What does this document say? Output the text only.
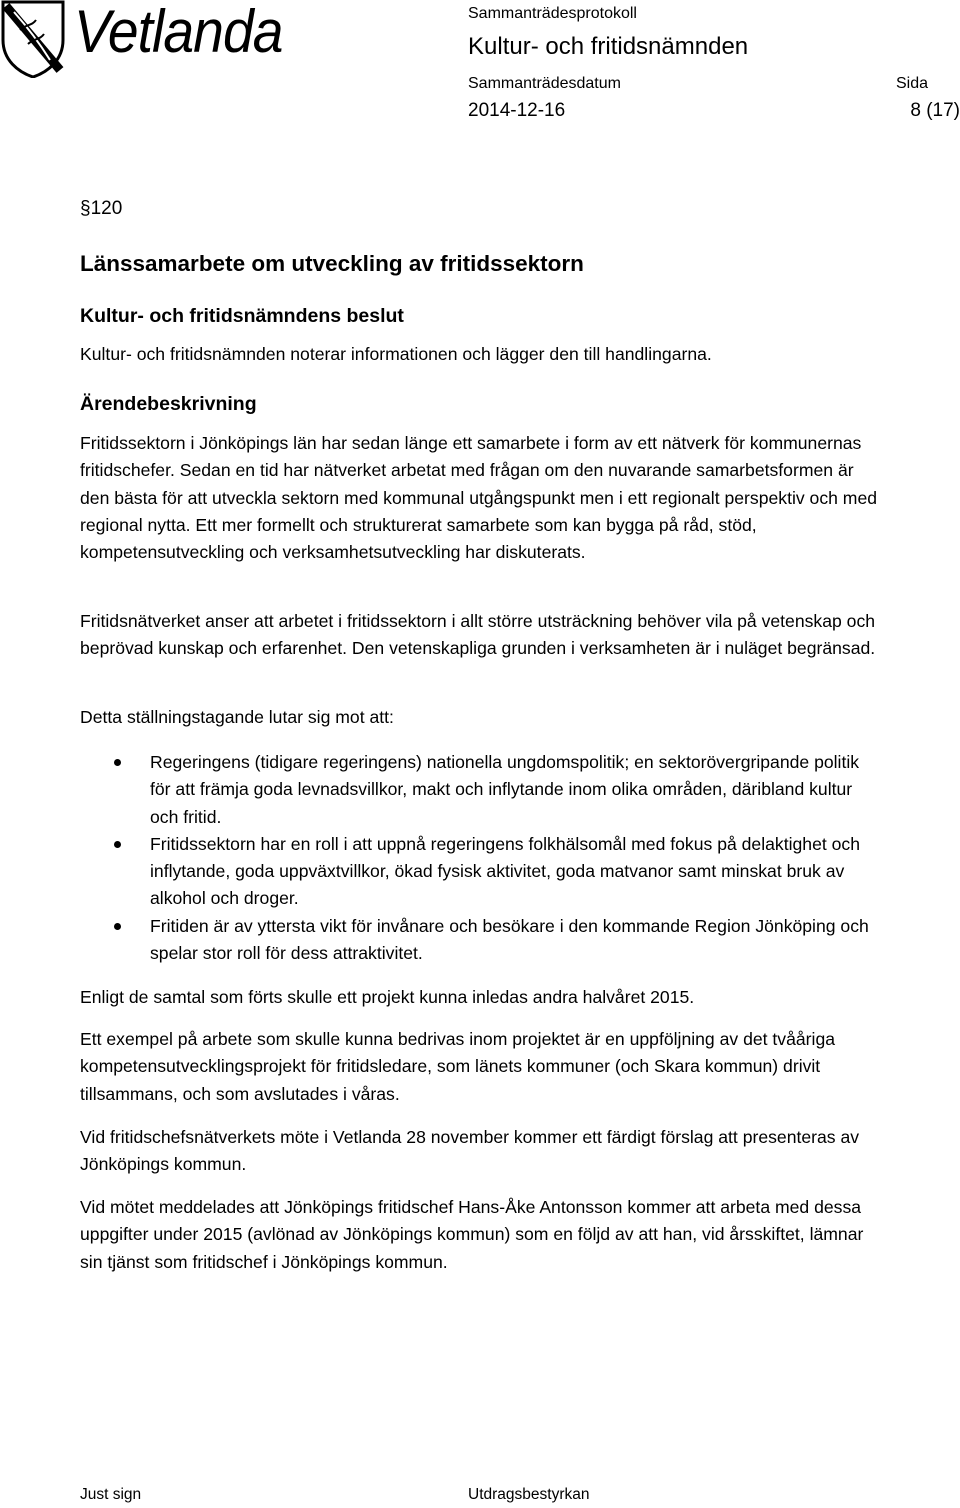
Vetlanda	Sammanträdesprotokoll
Kultur- och fritidsnämnden
Sammanträdesdatum
2014-12-16
Sida
8 (17)
§120
Länssamarbete om utveckling av fritidssektorn
Kultur- och fritidsnämndens beslut

Kultur- och fritidsnämnden noterar informationen och lägger den till handlingarna.

Ärendebeskrivning

Fritidssektorn i Jönköpings län har sedan länge ett samarbete i form av ett nätverk för kommunernas fritidschefer. Sedan en tid har nätverket arbetat med frågan om den nuvarande samarbetsformen är den bästa för att utveckla sektorn med kommunal utgångspunkt men i ett regionalt perspektiv och med regional nytta. Ett mer formellt och strukturerat samarbete som kan bygga på råd, stöd, kompetensutveckling och verksamhetsutveckling har diskuterats.

Fritidsnätverket anser att arbetet i fritidssektorn i allt större utsträckning behöver vila på vetenskap och beprövad kunskap och erfarenhet. Den vetenskapliga grunden i verksamheten är i nuläget begränsad.

Detta ställningstagande lutar sig mot att:

Regeringens (tidigare regeringens) nationella ungdomspolitik; en sektorövergripande politik för att främja goda levnadsvillkor, makt och inflytande inom olika områden, däribland kultur och fritid.
Fritidssektorn har en roll i att uppnå regeringens folkhälsomål med fokus på delaktighet och inflytande, goda uppväxtvillkor, ökad fysisk aktivitet, goda matvanor samt minskat bruk av alkohol och droger.
Fritiden är av yttersta vikt för invånare och besökare i den kommande Region Jönköping och spelar stor roll för dess attraktivitet.

Enligt de samtal som förts skulle ett projekt kunna inledas andra halvåret 2015.

Ett exempel på arbete som skulle kunna bedrivas inom projektet är en uppföljning av det tvååriga kompetensutvecklingsprojekt för fritidsledare, som länets kommuner (och Skara kommun) drivit tillsammans, och som avslutades i våras.

Vid fritidschefsnätverkets möte i Vetlanda 28 november kommer ett färdigt förslag att presenteras av Jönköpings kommun.

Vid mötet meddelades att Jönköpings fritidschef Hans-Åke Antonsson kommer att arbeta med dessa uppgifter under 2015 (avlönad av Jönköpings kommun) som en följd av att han, vid årsskiftet, lämnar sin tjänst som fritidschef i Jönköpings kommun.

Just sign	Utdragsbestyrkan
